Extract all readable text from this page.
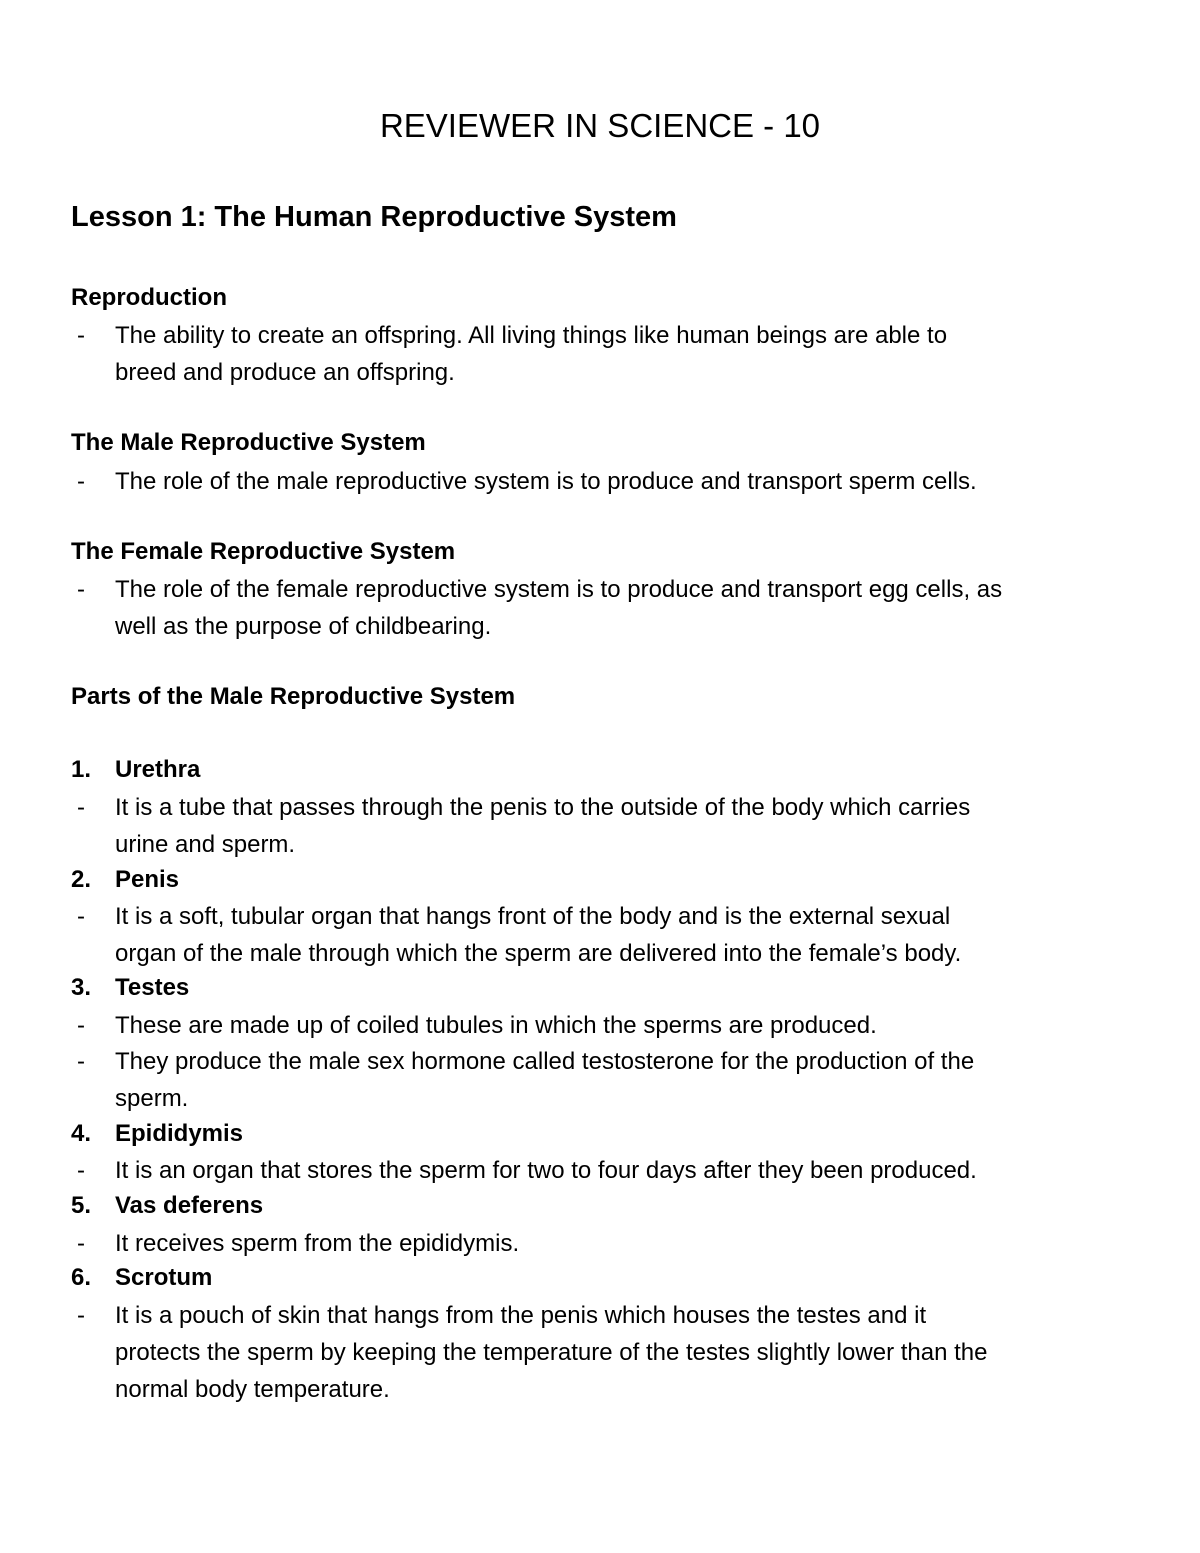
REVIEWER IN SCIENCE - 10
Lesson 1: The Human Reproductive System
Reproduction
- The ability to create an offspring. All living things like human beings are able to
breed and produce an offspring.
The Male Reproductive System
- The role of the male reproductive system is to produce and transport sperm cells.
The Female Reproductive System
- The role of the female reproductive system is to produce and transport egg cells, as
well as the purpose of childbearing.
Parts of the Male Reproductive System
1. Urethra
- It is a tube that passes through the penis to the outside of the body which carries
urine and sperm.
2. Penis
- It is a soft, tubular organ that hangs front of the body and is the external sexual
organ of the male through which the sperm are delivered into the female’s body.
3. Testes
- These are made up of coiled tubules in which the sperms are produced.
- They produce the male sex hormone called testosterone for the production of the
sperm.
4. Epididymis
- It is an organ that stores the sperm for two to four days after they been produced.
5. Vas deferens
- It receives sperm from the epididymis.
6. Scrotum
- It is a pouch of skin that hangs from the penis which houses the testes and it
protects the sperm by keeping the temperature of the testes slightly lower than the
normal body temperature.
